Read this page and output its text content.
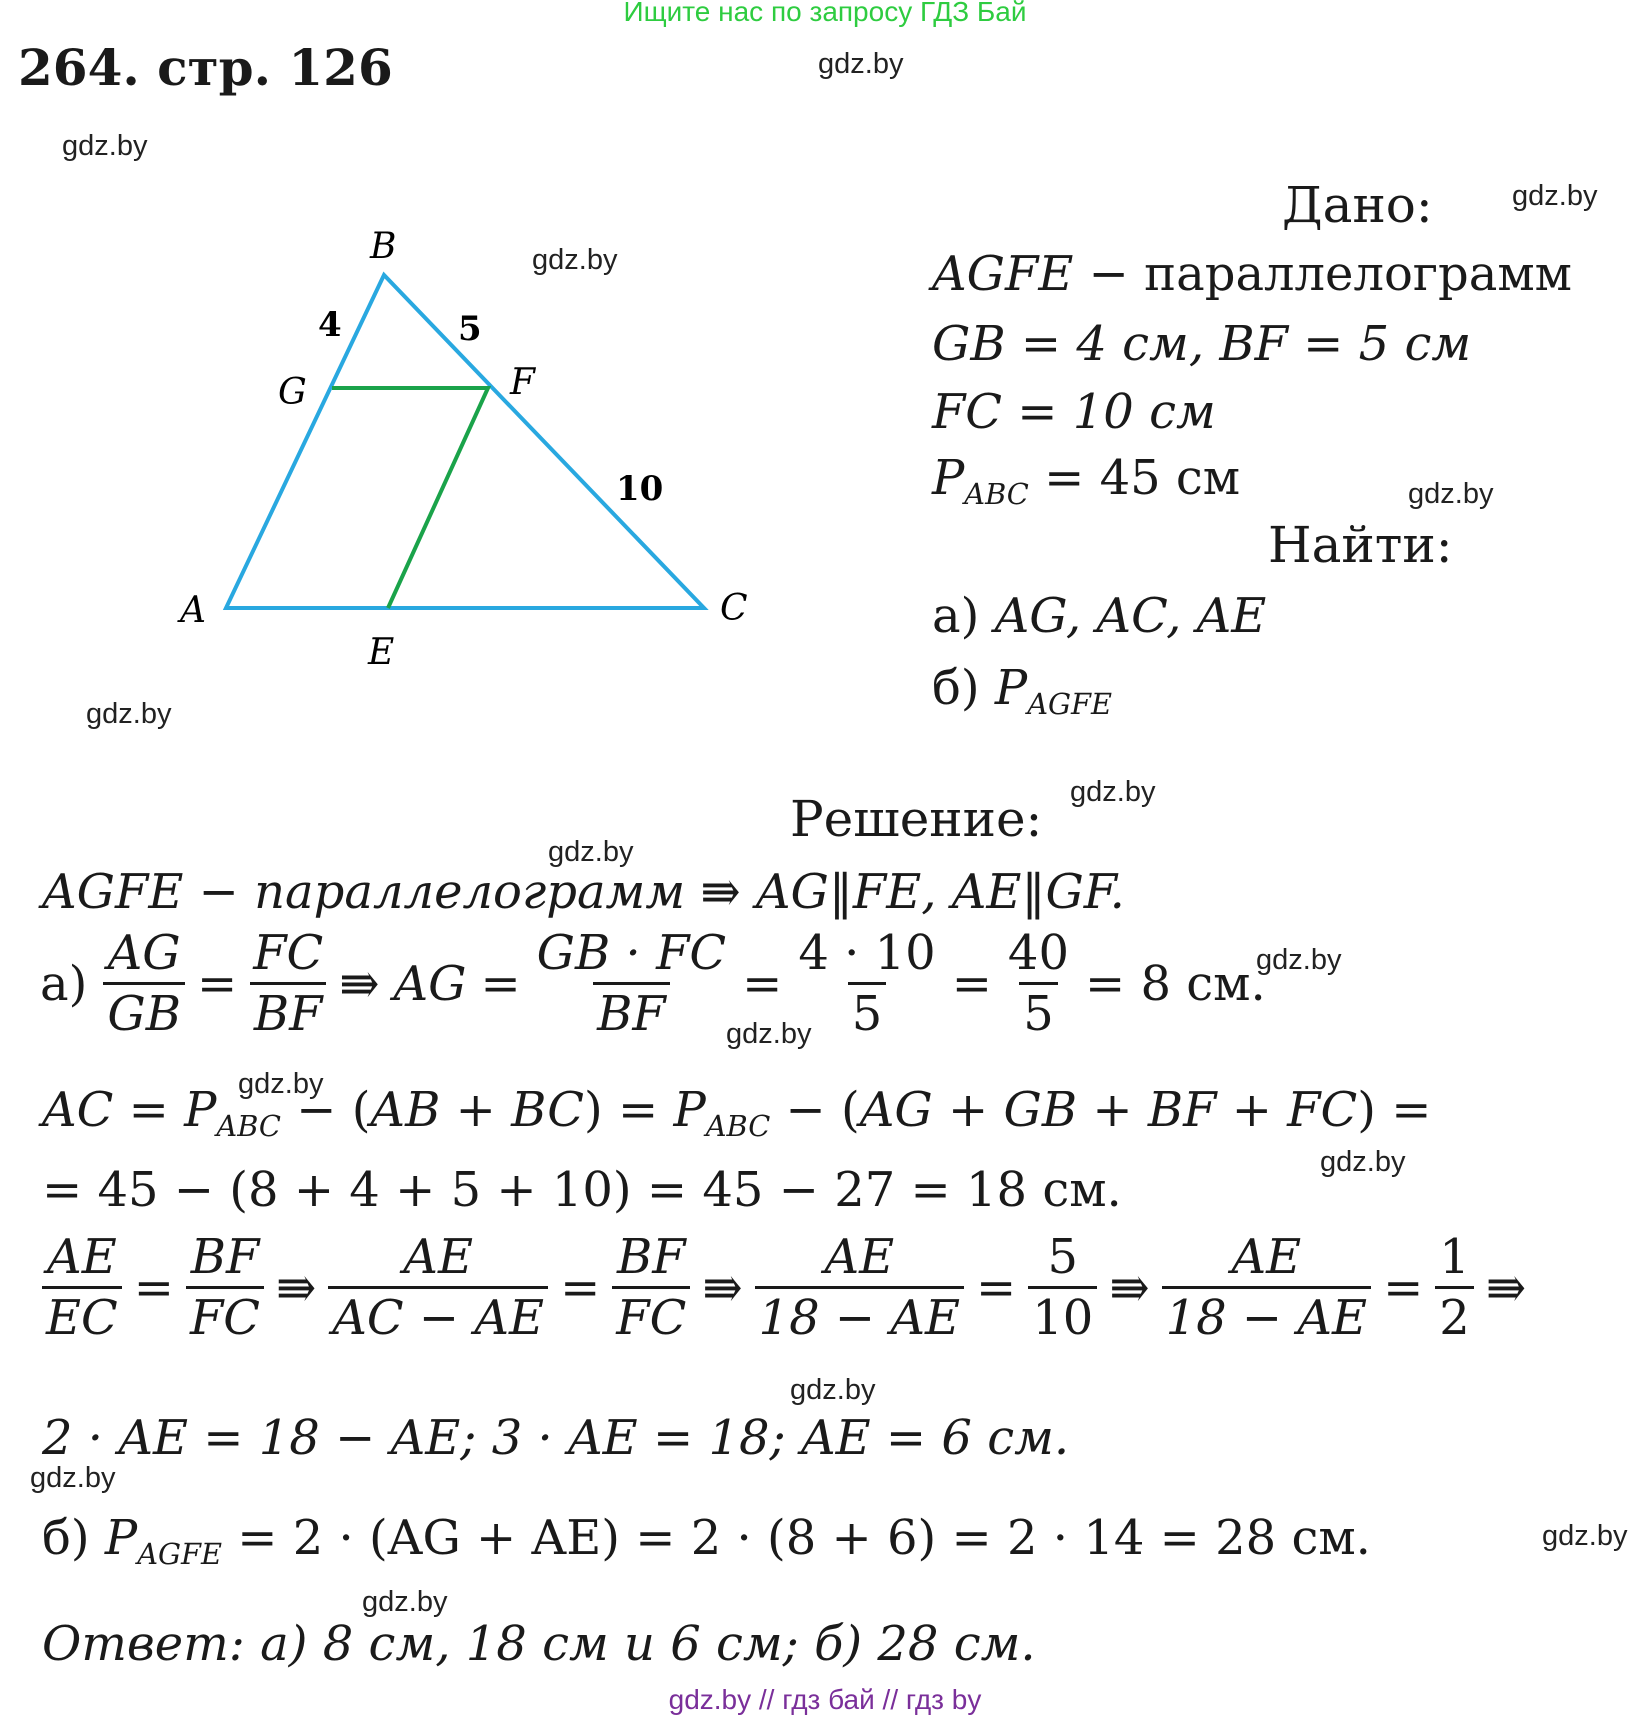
Ищите нас по запросу ГДЗ Бай
264. стр. 126	gdz.by
gdz.by
gdz.by
gdz.by
gdz.by
gdz.by
gdz.by
gdz.by
gdz.by
gdz.by
gdz.by
gdz.by
gdz.by
gdz.by
gdz.by
gdz.by
B
G	F
A	C
E
4	5
10
Дано:
AGFE − параллелограмм
GB = 4 см, BF = 5 см
FC = 10 см
$P_{ABC} = 45$ см
Найти:
а) AG, AC, AE
б) $P_{AGFE}$
Решение:
AGFE − параллелограмм ⇛ AG‖FE, AE‖GF.
$а) \frac{AG}{GB} = \frac{FC}{BF}$ ⇛ AG = $\frac{GB \cdot FC}{BF} = \frac{4 \cdot 10}{5} = \frac{40}{5} = 8$ см.
AC = $P_{ABC} - (AB + BC) = P_{ABC} - (AG$ + GB + BF + FC) =
= 45 − (8 + 4 + 5 + 10) = 45 − 27 = 18 см.
$\frac{AE}{EC} = \frac{BF}{FC}$ ⇛ $\frac{AE}{AC - AE} = \frac{BF}{FC}$ ⇛ $\frac{AE}{18 - AE} = \frac{5}{10}$ ⇛ $\frac{AE}{18 - AE} = \frac{1}{2}$ ⇛
2 · AE = 18 − AE; 3 · AE = 18; AE = 6 см.
б) $P_{AGFE} = 2 \cdot (AG + AE) = 2 \cdot (8 + 6) = 2 \cdot 14 = 28$ см.
Ответ: а) 8 см, 18 см и 6 см; б) 28 см.
gdz.by // гдз бай // гдз by
